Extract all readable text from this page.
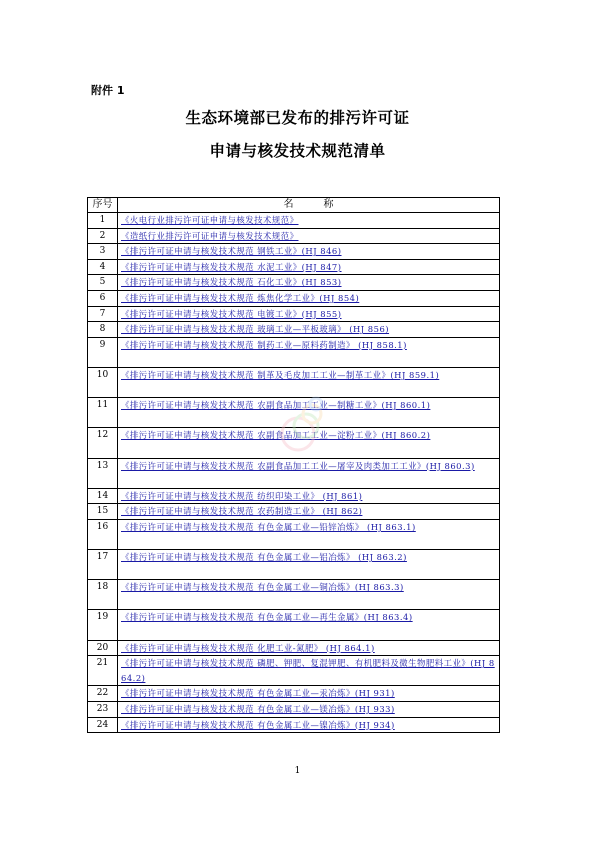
附件 1
生态环境部已发布的排污许可证
申请与核发技术规范清单
序号	名　　　称
1	《火电行业排污许可证申请与核发技术规范》
2	《造纸行业排污许可证申请与核发技术规范》
3	《排污许可证申请与核发技术规范 钢铁工业》(HJ 846)
4	《排污许可证申请与核发技术规范 水泥工业》(HJ 847)
5	《排污许可证申请与核发技术规范 石化工业》(HJ 853)
6	《排污许可证申请与核发技术规范 炼焦化学工业》(HJ 854)
7	《排污许可证申请与核发技术规范 电镀工业》(HJ 855)
8	《排污许可证申请与核发技术规范 玻璃工业—平板玻璃》 (HJ 856)
9	《排污许可证申请与核发技术规范 制药工业—原料药制造》 (HJ 858.1)
10	《排污许可证申请与核发技术规范 制革及毛皮加工工业—制革工业》(HJ 859.1)
11	《排污许可证申请与核发技术规范 农副食品加工工业—制糖工业》(HJ 860.1)
12	《排污许可证申请与核发技术规范 农副食品加工工业—淀粉工业》(HJ 860.2)
13	《排污许可证申请与核发技术规范 农副食品加工工业—屠宰及肉类加工工业》(HJ 860.3)
14	《排污许可证申请与核发技术规范 纺织印染工业》 (HJ 861)
15	《排污许可证申请与核发技术规范 农药制造工业》 (HJ 862)
16	《排污许可证申请与核发技术规范 有色金属工业—铅锌冶炼》 (HJ 863.1)
17	《排污许可证申请与核发技术规范 有色金属工业—铝冶炼》 (HJ 863.2)
18	《排污许可证申请与核发技术规范 有色金属工业—铜冶炼》(HJ 863.3)
19	《排污许可证申请与核发技术规范 有色金属工业—再生金属》(HJ 863.4)
20	《排污许可证申请与核发技术规范 化肥工业-氮肥》 (HJ 864.1)
21	《排污许可证申请与核发技术规范 磷肥、钾肥、复混钾肥、有机肥料及微生物肥料工业》(HJ 864.2)
22	《排污许可证申请与核发技术规范 有色金属工业—汞冶炼》(HJ 931)
23	《排污许可证申请与核发技术规范 有色金属工业—镁冶炼》(HJ 933)
24	《排污许可证申请与核发技术规范 有色金属工业—镍冶炼》(HJ 934)
1
